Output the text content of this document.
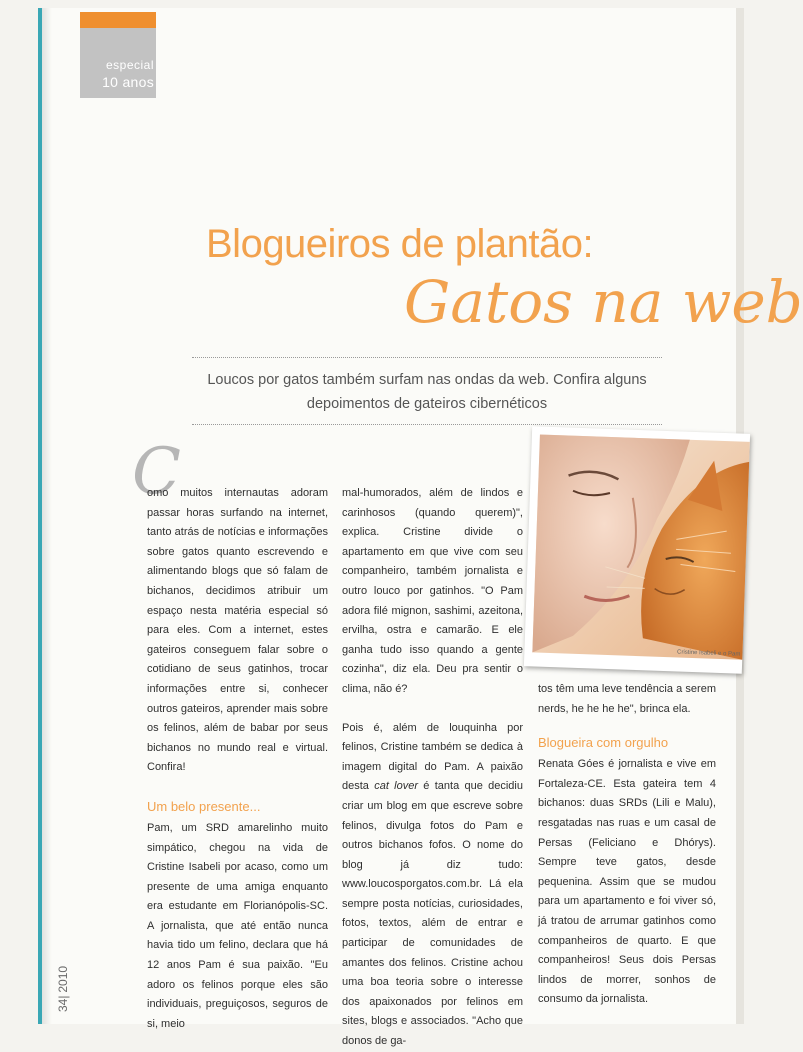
especial
10 anos
Blogueiros de plantão:
Gatos na web
Loucos por gatos também surfam nas ondas da web. Confira alguns depoimentos de gateiros cibernéticos
C

omo muitos internautas adoram passar horas surfando na internet, tanto atrás de notícias e informações sobre gatos quanto escrevendo e alimentando blogs que só falam de bichanos, decidimos atribuir um espaço nesta matéria especial só para eles. Com a internet, estes gateiros conseguem falar sobre o cotidiano de seus gatinhos, trocar informações entre si, conhecer outros gateiros, aprender mais sobre os felinos, além de babar por seus bichanos no mundo real e virtual. Confira!

Um belo presente...

Pam, um SRD amarelinho muito simpático, chegou na vida de Cristine Isabeli por acaso, como um presente de uma amiga enquanto era estudante em Florianópolis-SC. A jornalista, que até então nunca havia tido um felino, declara que há 12 anos Pam é sua paixão. "Eu adoro os felinos porque eles são individuais, preguiçosos, seguros de si, meio

mal-humorados, além de lindos e carinhosos (quando querem)", explica. Cristine divide o apartamento em que vive com seu companheiro, também jornalista e outro louco por gatinhos. "O Pam adora filé mignon, sashimi, azeitona, ervilha, ostra e camarão. E ele ganha tudo isso quando a gente cozinha", diz ela. Deu pra sentir o clima, não é?

Pois é, além de louquinha por felinos, Cristine também se dedica à imagem digital do Pam. A paixão desta cat lover é tanta que decidiu criar um blog em que escreve sobre felinos, divulga fotos do Pam e outros bichanos fofos. O nome do blog já diz tudo: www.loucosporgatos.com.br. Lá ela sempre posta notícias, curiosidades, fotos, textos, além de entrar e participar de comunidades de amantes dos felinos. Cristine achou uma boa teoria sobre o interesse dos apaixonados por felinos em sites, blogs e associados. "Acho que donos de ga-

tos têm uma leve tendência a serem nerds, he he he he", brinca ela.

Blogueira com orgulho

Renata Góes é jornalista e vive em Fortaleza-CE. Esta gateira tem 4 bichanos: duas SRDs (Lili e Malu), resgatadas nas ruas e um casal de Persas (Feliciano e Dhórys). Sempre teve gatos, desde pequenina. Assim que se mudou para um apartamento e foi viver só, já tratou de arrumar gatinhos como companheiros de quarto. E que companheiros! Seus dois Persas lindos de morrer, sonhos de consumo da jornalista.

Cristine Isabeli e o Pam
34|2010
